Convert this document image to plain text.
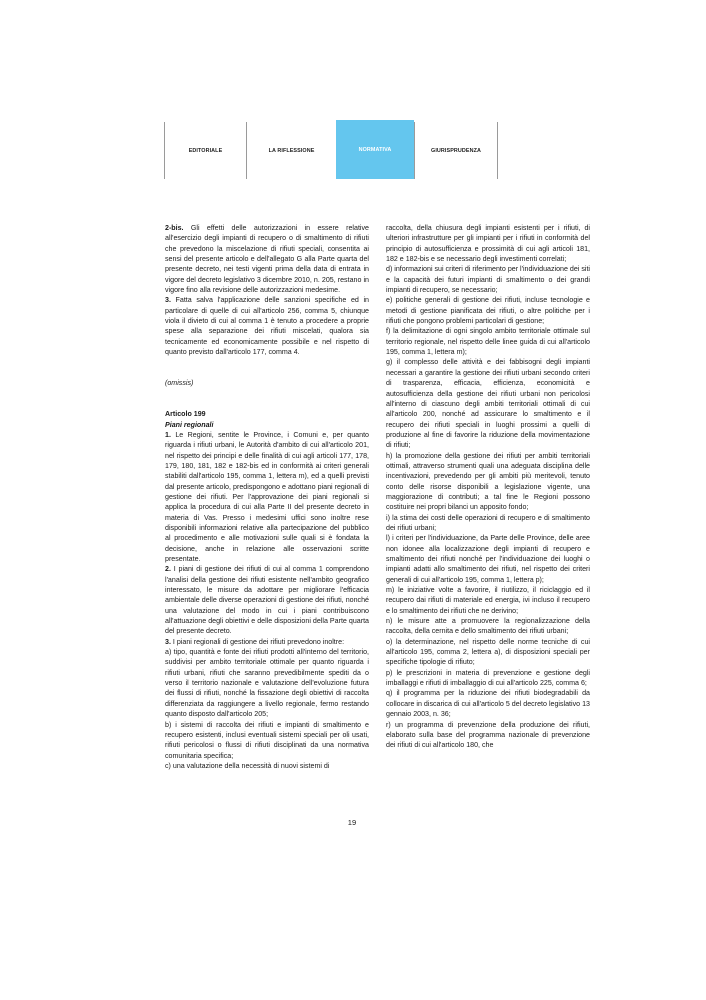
EDITORIALE	LA RIFLESSIONE	NORMATIVA	GIURISPRUDENZA

2-bis. Gli effetti delle autorizzazioni in essere relative all'esercizio degli impianti di recupero o di smaltimento di rifiuti che prevedono la miscelazione di rifiuti speciali, consentita ai sensi del presente articolo e dell'allegato G alla Parte quarta del presente decreto, nei testi vigenti prima della data di entrata in vigore del decreto legislativo 3 dicembre 2010, n. 205, restano in vigore fino alla revisione delle autorizzazioni medesime.

3. Fatta salva l'applicazione delle sanzioni specifiche ed in particolare di quelle di cui all'articolo 256, comma 5, chiunque viola il divieto di cui al comma 1 è tenuto a procedere a proprie spese alla separazione dei rifiuti miscelati, qualora sia tecnicamente ed economicamente possibile e nel rispetto di quanto previsto dall'articolo 177, comma 4.

(omissis)

Articolo 199

Piani regionali

1. Le Regioni, sentite le Province, i Comuni e, per quanto riguarda i rifiuti urbani, le Autorità d'ambito di cui all'articolo 201, nel rispetto dei principi e delle finalità di cui agli articoli 177, 178, 179, 180, 181, 182 e 182-bis ed in conformità ai criteri generali stabiliti dall'articolo 195, comma 1, lettera m), ed a quelli previsti dal presente articolo, predispongono e adottano piani regionali di gestione dei rifiuti. Per l'approvazione dei piani regionali si applica la procedura di cui alla Parte II del presente decreto in materia di Vas. Presso i medesimi uffici sono inoltre rese disponibili informazioni relative alla partecipazione del pubblico al procedimento e alle motivazioni sulle quali si è fondata la decisione, anche in relazione alle osservazioni scritte presentate.

2. I piani di gestione dei rifiuti di cui al comma 1 comprendono l'analisi della gestione dei rifiuti esistente nell'ambito geografico interessato, le misure da adottare per migliorare l'efficacia ambientale delle diverse operazioni di gestione dei rifiuti, nonché una valutazione del modo in cui i piani contribuiscono all'attuazione degli obiettivi e delle disposizioni della Parte quarta del presente decreto.

3. I piani regionali di gestione dei rifiuti prevedono inoltre:

a) tipo, quantità e fonte dei rifiuti prodotti all'interno del territorio, suddivisi per ambito territoriale ottimale per quanto riguarda i rifiuti urbani, rifiuti che saranno prevedibilmente spediti da o verso il territorio nazionale e valutazione dell'evoluzione futura dei flussi di rifiuti, nonché la fissazione degli obiettivi di raccolta differenziata da raggiungere a livello regionale, fermo restando quanto disposto dall'articolo 205;

b) i sistemi di raccolta dei rifiuti e impianti di smaltimento e recupero esistenti, inclusi eventuali sistemi speciali per oli usati, rifiuti pericolosi o flussi di rifiuti disciplinati da una normativa comunitaria specifica;

c) una valutazione della necessità di nuovi sistemi di

raccolta, della chiusura degli impianti esistenti per i rifiuti, di ulteriori infrastrutture per gli impianti per i rifiuti in conformità del principio di autosufficienza e prossimità di cui agli articoli 181, 182 e 182-bis e se necessario degli investimenti correlati;

d) informazioni sui criteri di riferimento per l'individuazione dei siti e la capacità dei futuri impianti di smaltimento o dei grandi impianti di recupero, se necessario;

e) politiche generali di gestione dei rifiuti, incluse tecnologie e metodi di gestione pianificata dei rifiuti, o altre politiche per i rifiuti che pongono problemi particolari di gestione;

f) la delimitazione di ogni singolo ambito territoriale ottimale sul territorio regionale, nel rispetto delle linee guida di cui all'articolo 195, comma 1, lettera m);

g) il complesso delle attività e dei fabbisogni degli impianti necessari a garantire la gestione dei rifiuti urbani secondo criteri di trasparenza, efficacia, efficienza, economicità e autosufficienza della gestione dei rifiuti urbani non pericolosi all'interno di ciascuno degli ambiti territoriali ottimali di cui all'articolo 200, nonché ad assicurare lo smaltimento e il recupero dei rifiuti speciali in luoghi prossimi a quelli di produzione al fine di favorire la riduzione della movimentazione di rifiuti;

h) la promozione della gestione dei rifiuti per ambiti territoriali ottimali, attraverso strumenti quali una adeguata disciplina delle incentivazioni, prevedendo per gli ambiti più meritevoli, tenuto conto delle risorse disponibili a legislazione vigente, una maggiorazione di contributi; a tal fine le Regioni possono costituire nei propri bilanci un apposito fondo;

i) la stima dei costi delle operazioni di recupero e di smaltimento dei rifiuti urbani;

l) i criteri per l'individuazione, da Parte delle Province, delle aree non idonee alla localizzazione degli impianti di recupero e smaltimento dei rifiuti nonché per l'individuazione dei luoghi o impianti adatti allo smaltimento dei rifiuti, nel rispetto dei criteri generali di cui all'articolo 195, comma 1, lettera p);

m) le iniziative volte a favorire, il riutilizzo, il riciclaggio ed il recupero dai rifiuti di materiale ed energia, ivi incluso il recupero e lo smaltimento dei rifiuti che ne derivino;

n) le misure atte a promuovere la regionalizzazione della raccolta, della cernita e dello smaltimento dei rifiuti urbani;

o) la determinazione, nel rispetto delle norme tecniche di cui all'articolo 195, comma 2, lettera a), di disposizioni speciali per specifiche tipologie di rifiuto;

p) le prescrizioni in materia di prevenzione e gestione degli imballaggi e rifiuti di imballaggio di cui all'articolo 225, comma 6;

q) il programma per la riduzione dei rifiuti biodegradabili da collocare in discarica di cui all'articolo 5 del decreto legislativo 13 gennaio 2003, n. 36;

r) un programma di prevenzione della produzione dei rifiuti, elaborato sulla base del programma nazionale di prevenzione dei rifiuti di cui all'articolo 180, che

19
